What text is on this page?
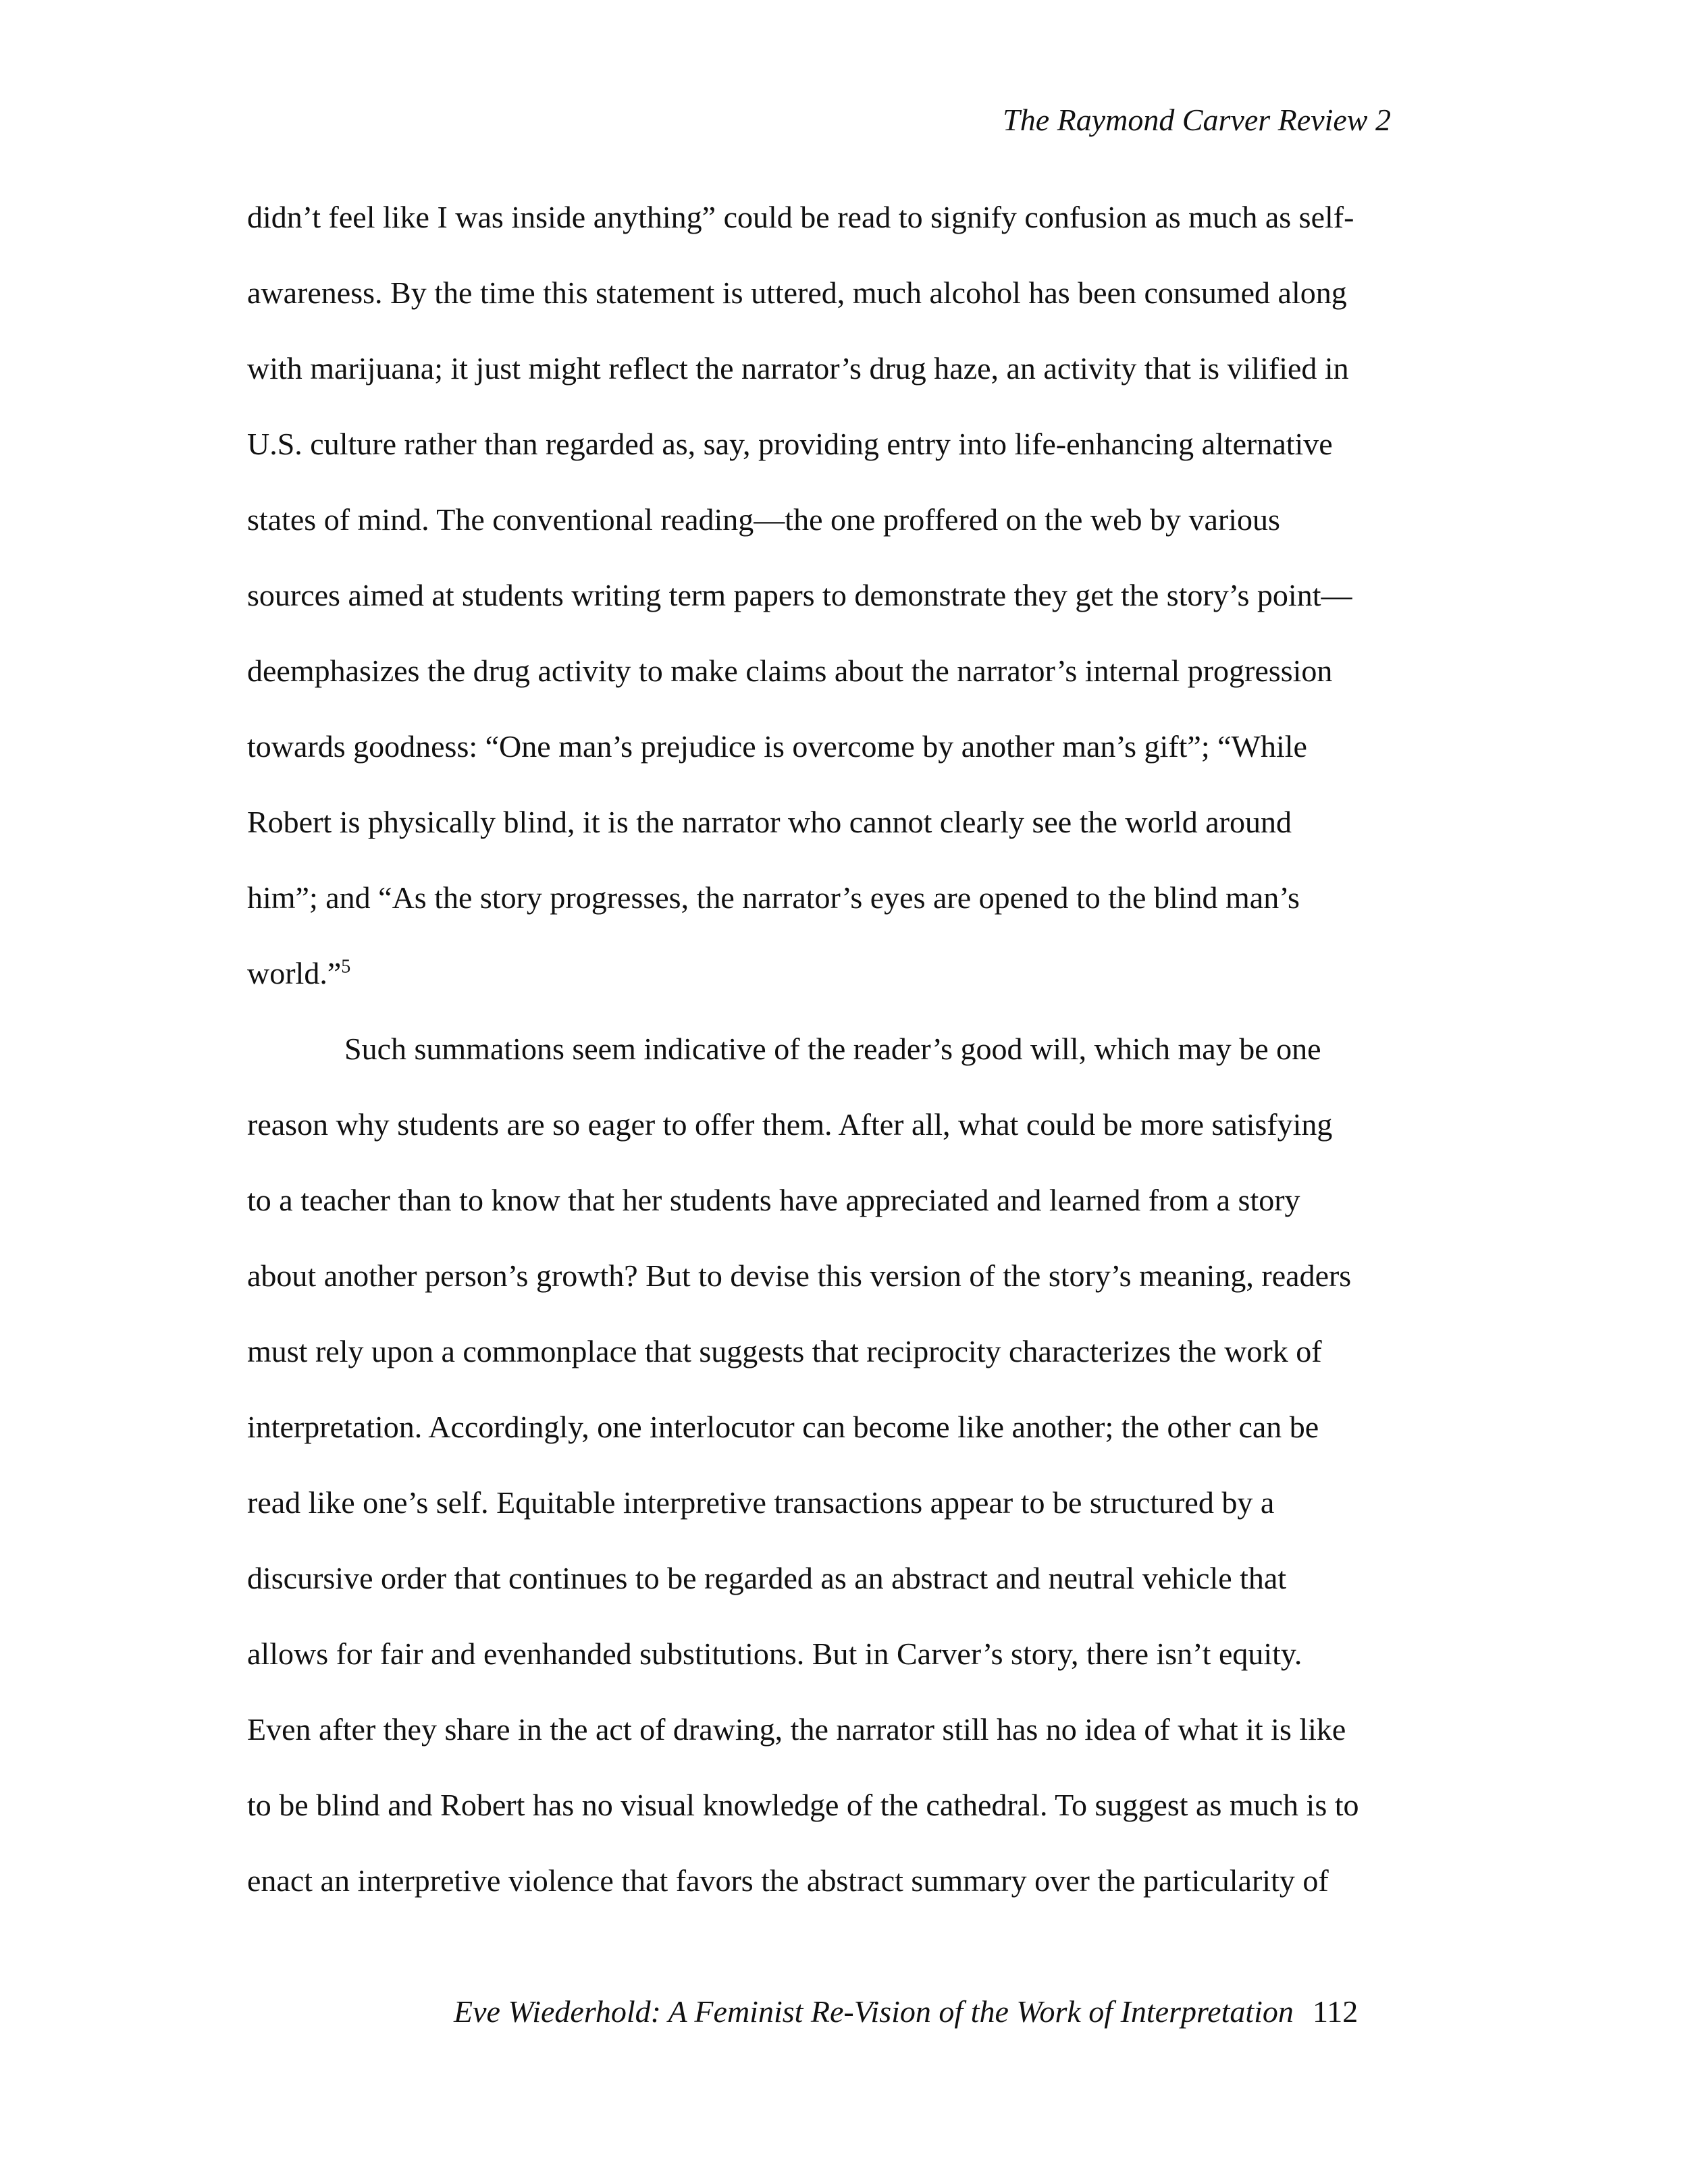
The Raymond Carver Review 2
didn’t feel like I was inside anything” could be read to signify confusion as much as self-
awareness. By the time this statement is uttered, much alcohol has been consumed along
with marijuana; it just might reflect the narrator’s drug haze, an activity that is vilified in
U.S. culture rather than regarded as, say, providing entry into life-enhancing alternative
states of mind. The conventional reading—the one proffered on the web by various
sources aimed at students writing term papers to demonstrate they get the story’s point—
deemphasizes the drug activity to make claims about the narrator’s internal progression
towards goodness: “One man’s prejudice is overcome by another man’s gift”; “While
Robert is physically blind, it is the narrator who cannot clearly see the world around
him”; and “As the story progresses, the narrator’s eyes are opened to the blind man’s
world.”$^5$
Such summations seem indicative of the reader’s good will, which may be one
reason why students are so eager to offer them. After all, what could be more satisfying
to a teacher than to know that her students have appreciated and learned from a story
about another person’s growth? But to devise this version of the story’s meaning, readers
must rely upon a commonplace that suggests that reciprocity characterizes the work of
interpretation. Accordingly, one interlocutor can become like another; the other can be
read like one’s self. Equitable interpretive transactions appear to be structured by a
discursive order that continues to be regarded as an abstract and neutral vehicle that
allows for fair and evenhanded substitutions. But in Carver’s story, there isn’t equity.
Even after they share in the act of drawing, the narrator still has no idea of what it is like
to be blind and Robert has no visual knowledge of the cathedral. To suggest as much is to
enact an interpretive violence that favors the abstract summary over the particularity of
Eve Wiederhold: A Feminist Re-Vision of the Work of Interpretation 112
